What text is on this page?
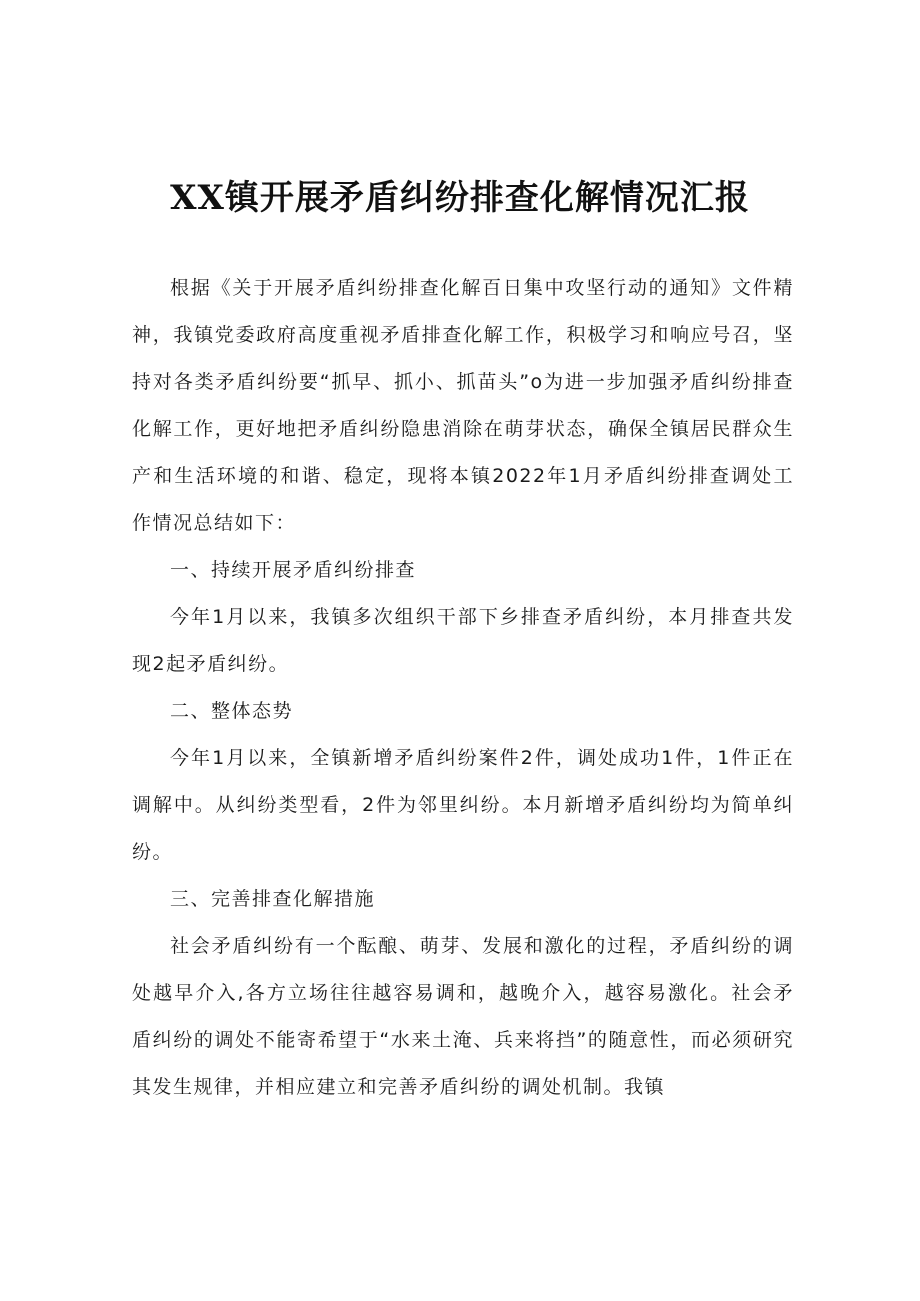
XX镇开展矛盾纠纷排查化解情况汇报

根据《关于开展矛盾纠纷排查化解百日集中攻坚行动的通知》文件精神，我镇党委政府高度重视矛盾排查化解工作，积极学习和响应号召，坚持对各类矛盾纠纷要“抓早、抓小、抓苗头”o为进一步加强矛盾纠纷排查化解工作，更好地把矛盾纠纷隐患消除在萌芽状态，确保全镇居民群众生产和生活环境的和谐、稳定，现将本镇2022年1月矛盾纠纷排查调处工作情况总结如下：

一、持续开展矛盾纠纷排查

今年1月以来，我镇多次组织干部下乡排查矛盾纠纷，本月排查共发现2起矛盾纠纷。

二、整体态势

今年1月以来，全镇新增矛盾纠纷案件2件，调处成功1件，1件正在调解中。从纠纷类型看，2件为邻里纠纷。本月新增矛盾纠纷均为简单纠纷。

三、完善排查化解措施

社会矛盾纠纷有一个酝酿、萌芽、发展和激化的过程，矛盾纠纷的调处越早介入,各方立场往往越容易调和，越晚介入，越容易激化。社会矛盾纠纷的调处不能寄希望于“水来土淹、兵来将挡”的随意性，而必须研究其发生规律，并相应建立和完善矛盾纠纷的调处机制。我镇
